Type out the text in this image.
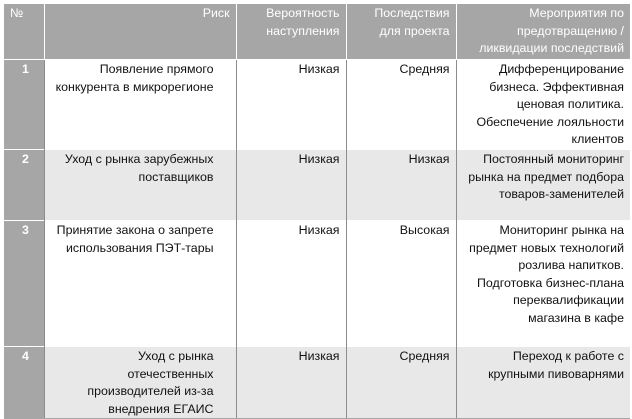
№	Риск	Вероятность наступления	Последствия для проекта	Мероприятия по предотвращению / ликвидации последствий
1	Появление прямого конкурента в микрорегионе	Низкая	Средняя	Дифференцирование бизнеса. Эффективная ценовая политика. Обеспечение лояльности клиентов
2	Уход с рынка зарубежных поставщиков	Низкая	Низкая	Постоянный мониторинг рынка на предмет подбора товаров-заменителей
3	Принятие закона о запрете использования ПЭТ-тары	Низкая	Высокая	Мониторинг рынка на предмет новых технологий розлива напитков. Подготовка бизнес-плана переквалификации магазина в кафе
4	Уход с рынка отечественных производителей из-за внедрения ЕГАИС	Низкая	Средняя	Переход к работе с крупными пивоварнями
